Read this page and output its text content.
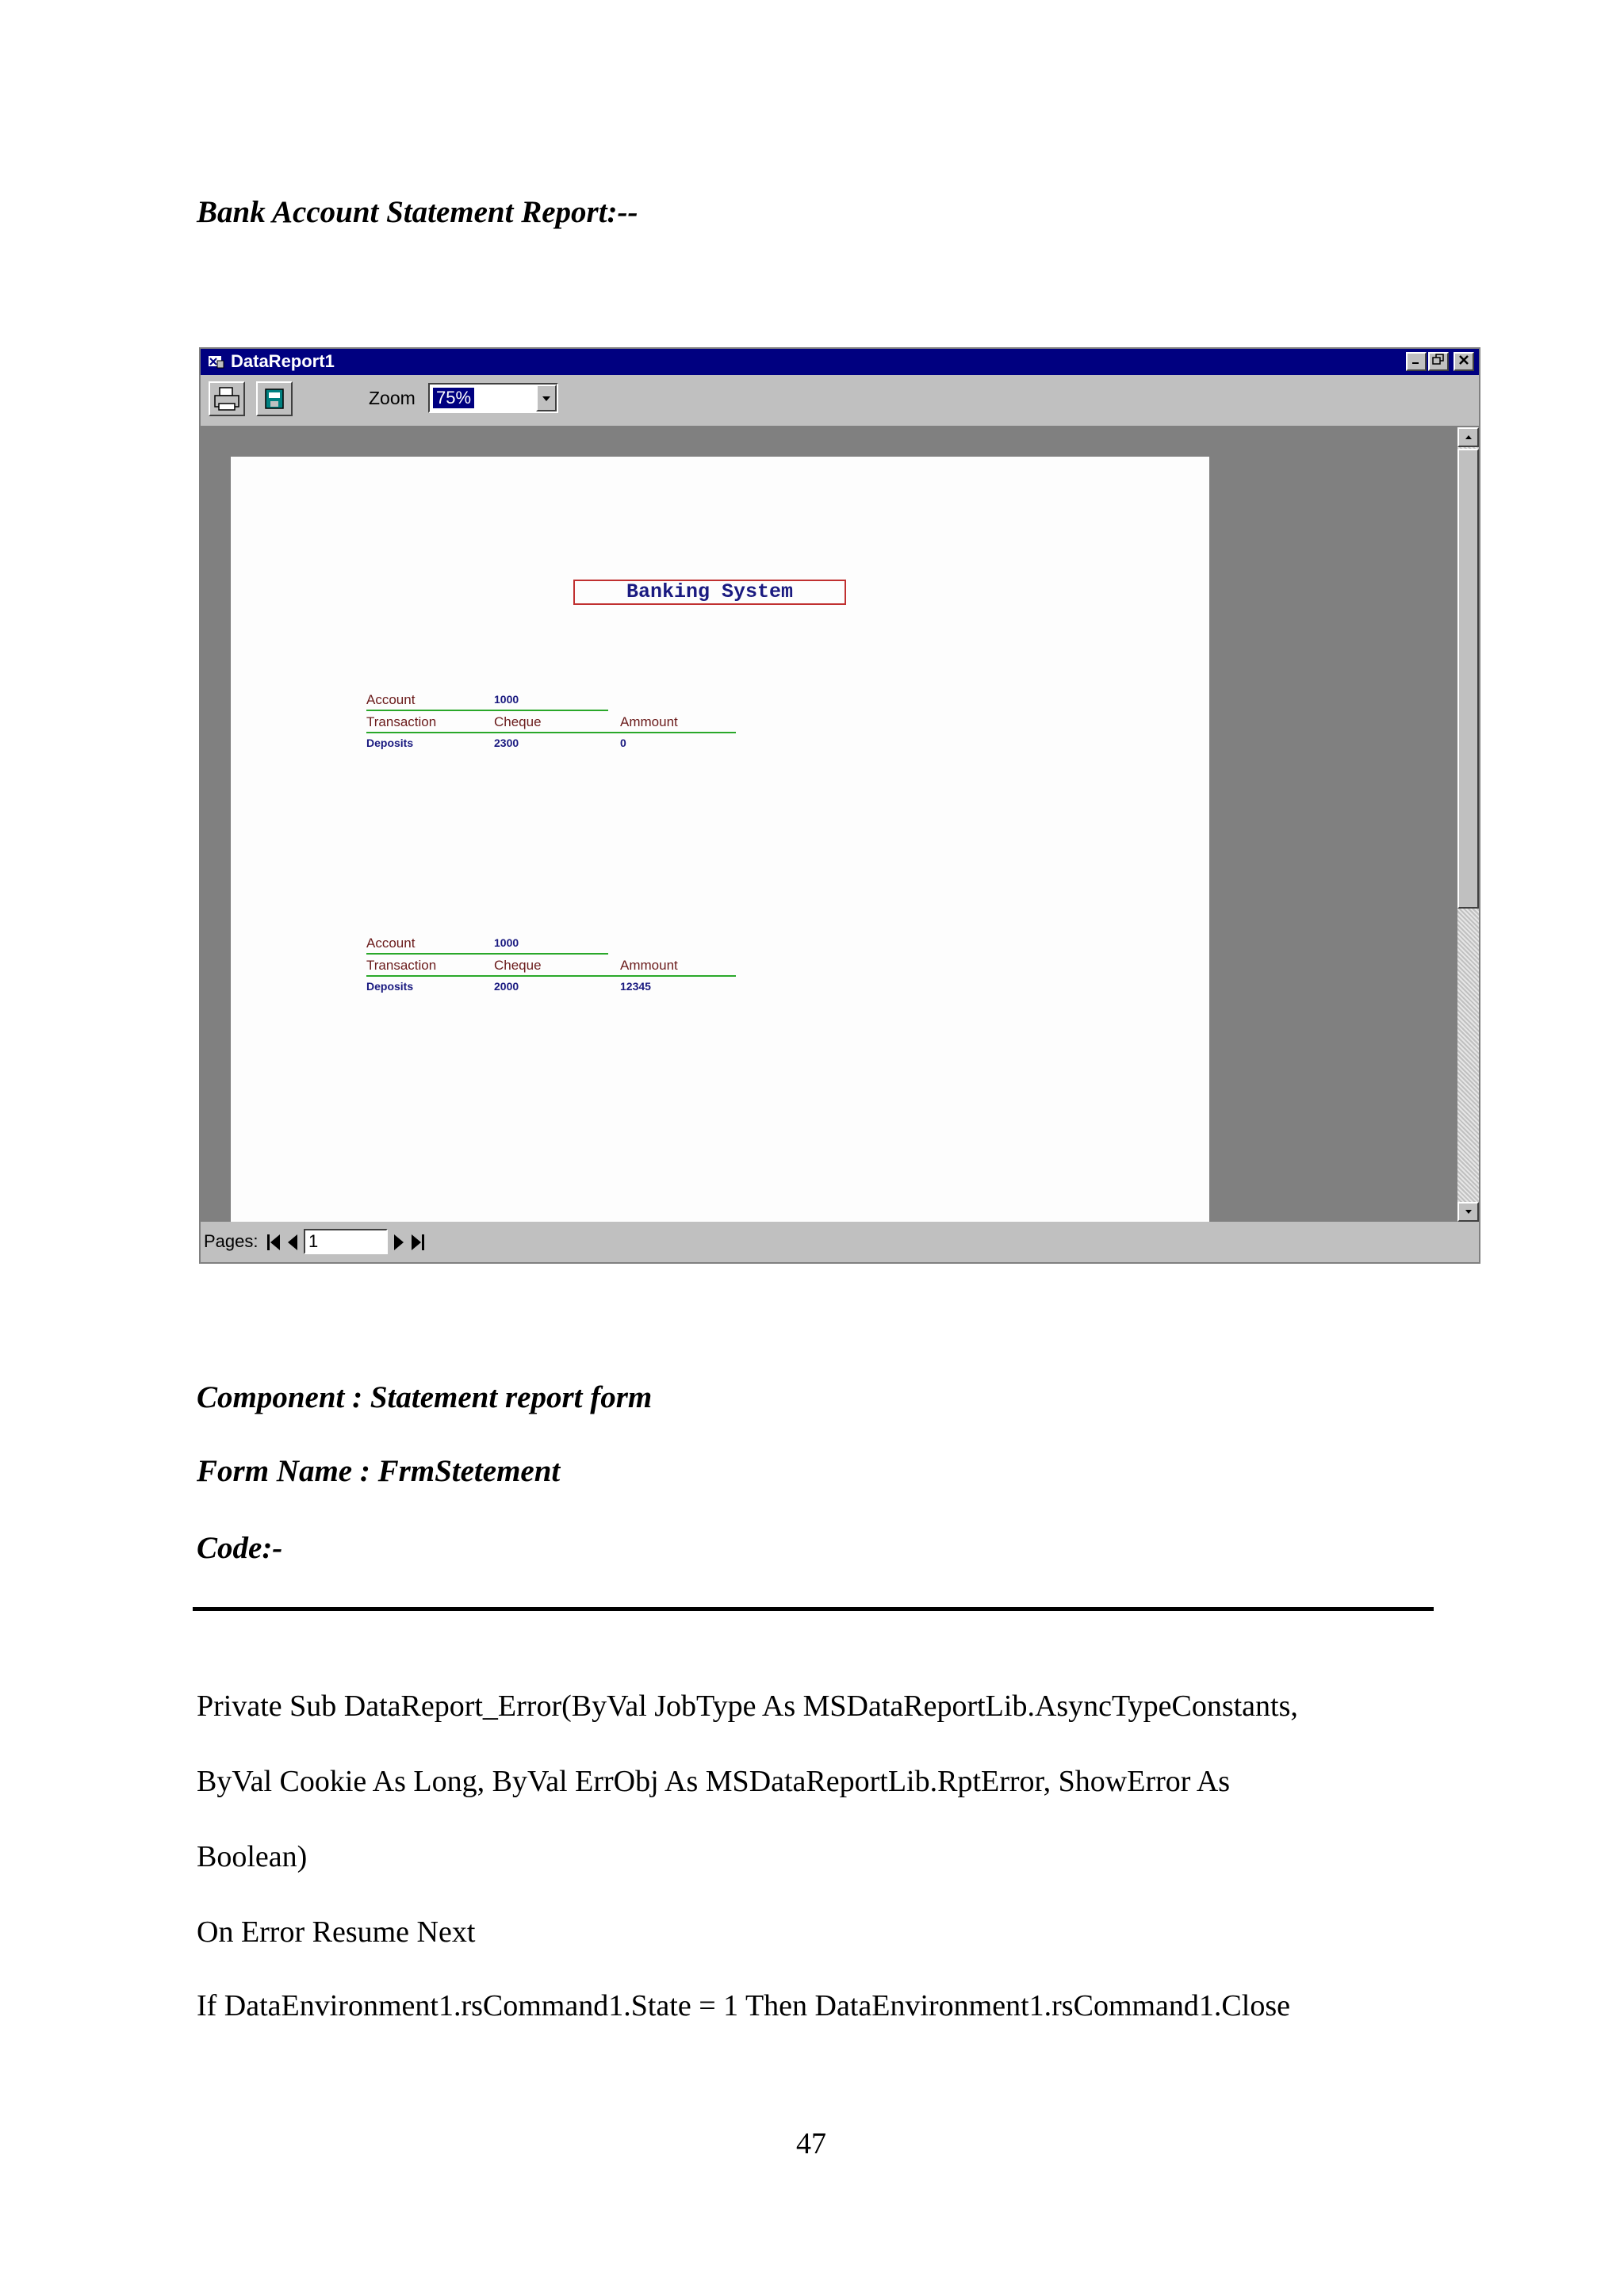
Bank Account Statement Report:--
DataReport1
Zoom 75%
Banking System
Account	1000
Transaction	Cheque	Ammount
Deposits	2300	0
Account	1000
Transaction	Cheque	Ammount
Deposits	2000	12345
Pages:	1
Component : Statement report form
Form Name : FrmStetement
Code:-
Private Sub DataReport_Error(ByVal JobType As MSDataReportLib.AsyncTypeConstants,
ByVal Cookie As Long, ByVal ErrObj As MSDataReportLib.RptError, ShowError As
Boolean)
On Error Resume Next
If DataEnvironment1.rsCommand1.State = 1 Then DataEnvironment1.rsCommand1.Close
47
